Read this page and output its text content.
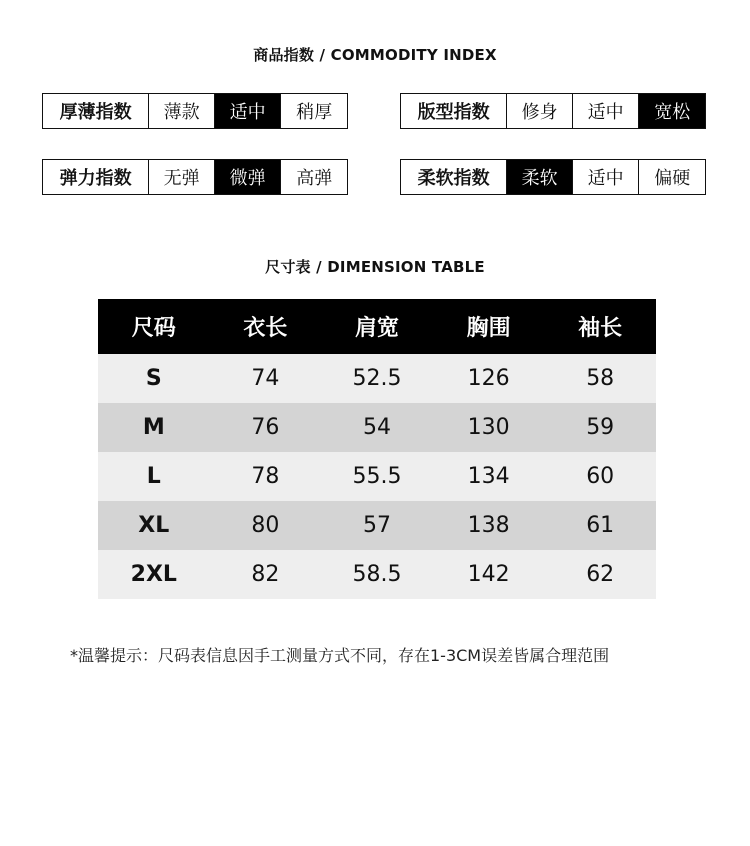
商品指数 / COMMODITY INDEX
厚薄指数	薄款	适中	稍厚	版型指数	修身	适中	宽松
弹力指数	无弹	微弹	高弹	柔软指数	柔软	适中	偏硬
尺寸表 / DIMENSION TABLE
尺码	衣长	肩宽	胸围	袖长
S	74	52.5	126	58
M	76	54	130	59
L	78	55.5	134	60
XL	80	57	138	61
2XL	82	58.5	142	62
*温馨提示：尺码表信息因手工测量方式不同，存在1-3CM误差皆属合理范围
